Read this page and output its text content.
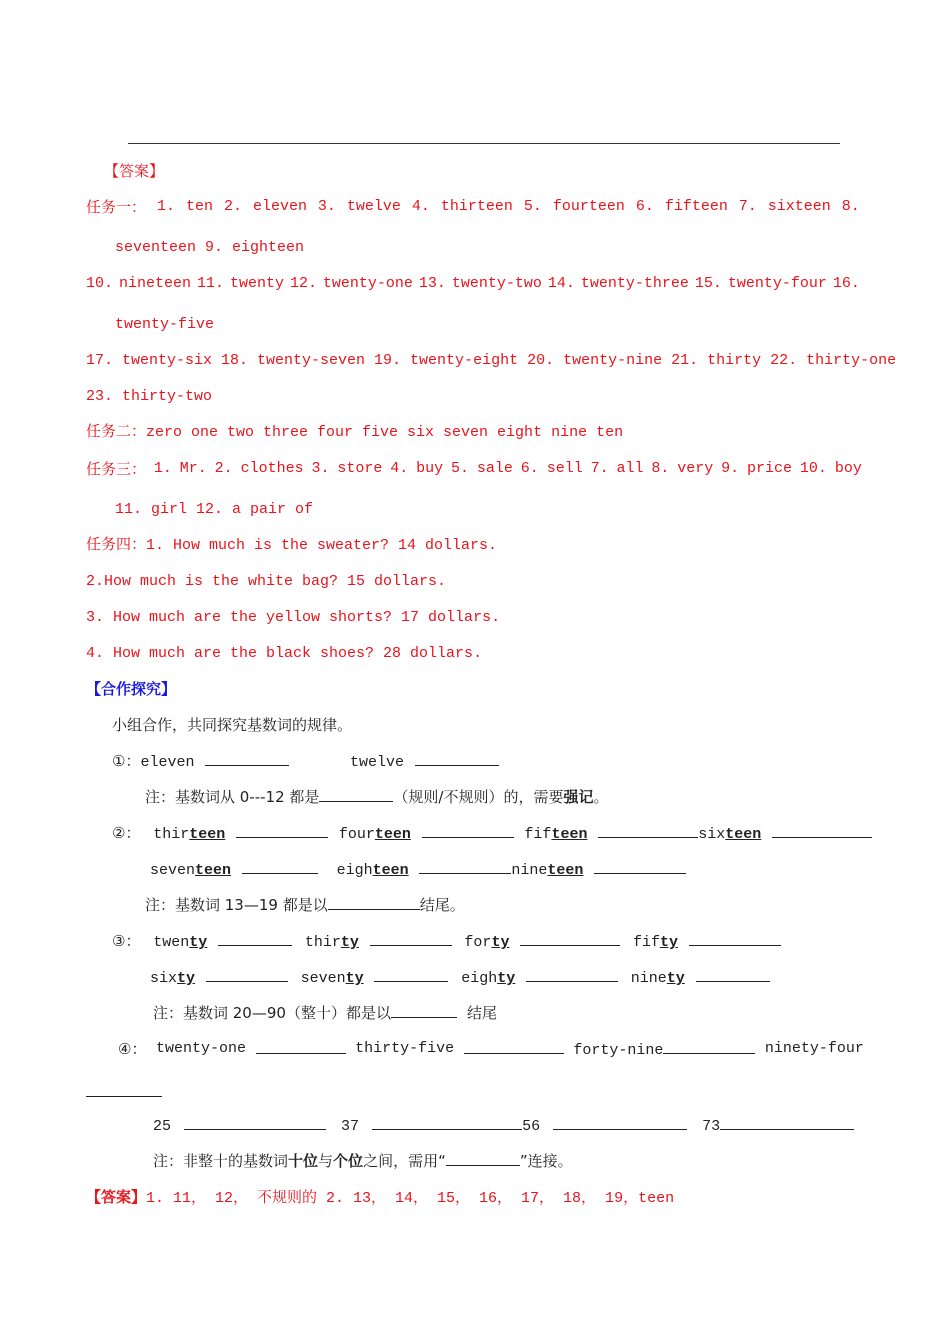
【答案】
任务一： 1. ten 2. eleven 3. twelve 4. thirteen 5. fourteen 6. fifteen 7. sixteen 8.
seventeen 9. eighteen
10. nineteen 11. twenty 12. twenty-one 13. twenty-two 14. twenty-three 15. twenty-four 16.
twenty-five
17. twenty-six 18. twenty-seven 19. twenty-eight 20. twenty-nine 21. thirty 22. thirty-one
23. thirty-two
任务二：zero one two three four five six seven eight nine ten
任务三： 1. Mr. 2. clothes 3. store 4. buy 5. sale 6. sell 7. all 8. very 9. price 10. boy
11. girl 12. a pair of
任务四：1. How much is the sweater? 14 dollars.
2.How much is the white bag? 15 dollars.
3. How much are the yellow shorts? 17 dollars.
4. How much are the black shoes? 28 dollars.
【合作探究】
小组合作，共同探究基数词的规律。
①：eleven	twelve
注：基数词从 0---12 都是	（规则/不规则）的，需要强记。
②： thirteen	fourteen	fifteen	sixteen
seventeen	eighteen	nineteen
注：基数词 13—19 都是以	结尾。
③： twenty	thirty	forty	fifty
sixty	seventy	eighty	ninety
注：基数词 20—90（整十）都是以	结尾
④： twenty-one	thirty-five	forty-nine	ninety-four
25	37	56	73
注：非整十的基数词十位与个位之间，需用“	”连接。
【答案】1. 11， 12， 不规则的 2. 13， 14， 15， 16， 17， 18， 19，teen
